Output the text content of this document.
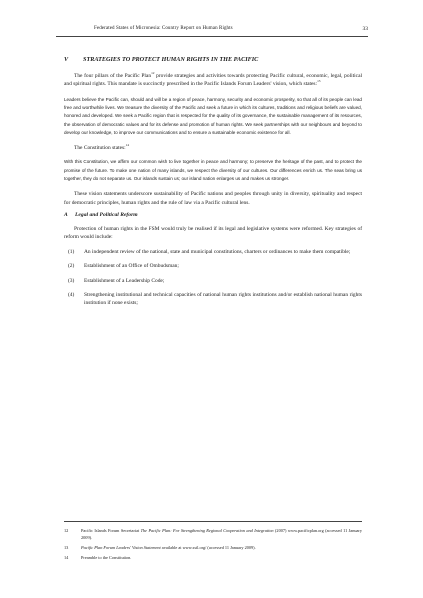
Federated States of Micronesia: Country Report on Human Rights	33
V STRATEGIES TO PROTECT HUMAN RIGHTS IN THE PACIFIC

The four pillars of the Pacific Plan$^{12}$ provide strategies and activities towards protecting Pacific cultural, economic, legal, political and spiritual rights. This mandate is succinctly prescribed in the Pacific Islands Forum Leaders' vision, which states:$^{13}$

Leaders believe the Pacific can, should and will be a region of peace, harmony, security and economic prosperity, so that all of its people can lead free and worthwhile lives. We treasure the diversity of the Pacific and seek a future in which its cultures, traditions and religious beliefs are valued, honored and developed. We seek a Pacific region that is respected for the quality of its governance, the sustainable management of its resources, the observation of democratic values and for its defense and promotion of human rights. We seek partnerships with our neighbours and beyond to develop our knowledge, to improve our communications and to ensure a sustainable economic existence for all.

The Constitution states:$^{14}$

With this Constitution, we affirm our common wish to live together in peace and harmony; to preserve the heritage of the past, and to protect the promise of the future. To make one nation of many islands, we respect the diversity of our cultures. Our differences enrich us. The seas bring us together, they do not separate us. Our islands sustain us; our island nation enlarges us and makes us stronger.

These vision statements underscore sustainability of Pacific nations and peoples through unity in diversity, spirituality and respect for democratic principles, human rights and the rule of law via a Pacific cultural lens.

A Legal and Political Reform

Protection of human rights in the FSM would truly be realised if its legal and legislative systems were reformed. Key strategies of reform would include:

(1) An independent review of the national, state and municipal constitutions, charters or ordinances to make them compatible;
(2) Establishment of an Office of Ombudsman;
(3) Establishment of a Leadership Code;
(4) Strengthening institutional and technical capacities of national human rights institutions and/or establish national human rights institution if none exists;
12	Pacific Islands Forum Secretariat The Pacific Plan: For Strengthening Regional Cooperation and Integration (2007) www.pacificplan.org (accessed 11 January 2009).
13	Pacific Plan Forum Leaders' Vision Statement available at www.sstl.org/ (accessed 11 January 2009).
14	Preamble to the Constitution.
